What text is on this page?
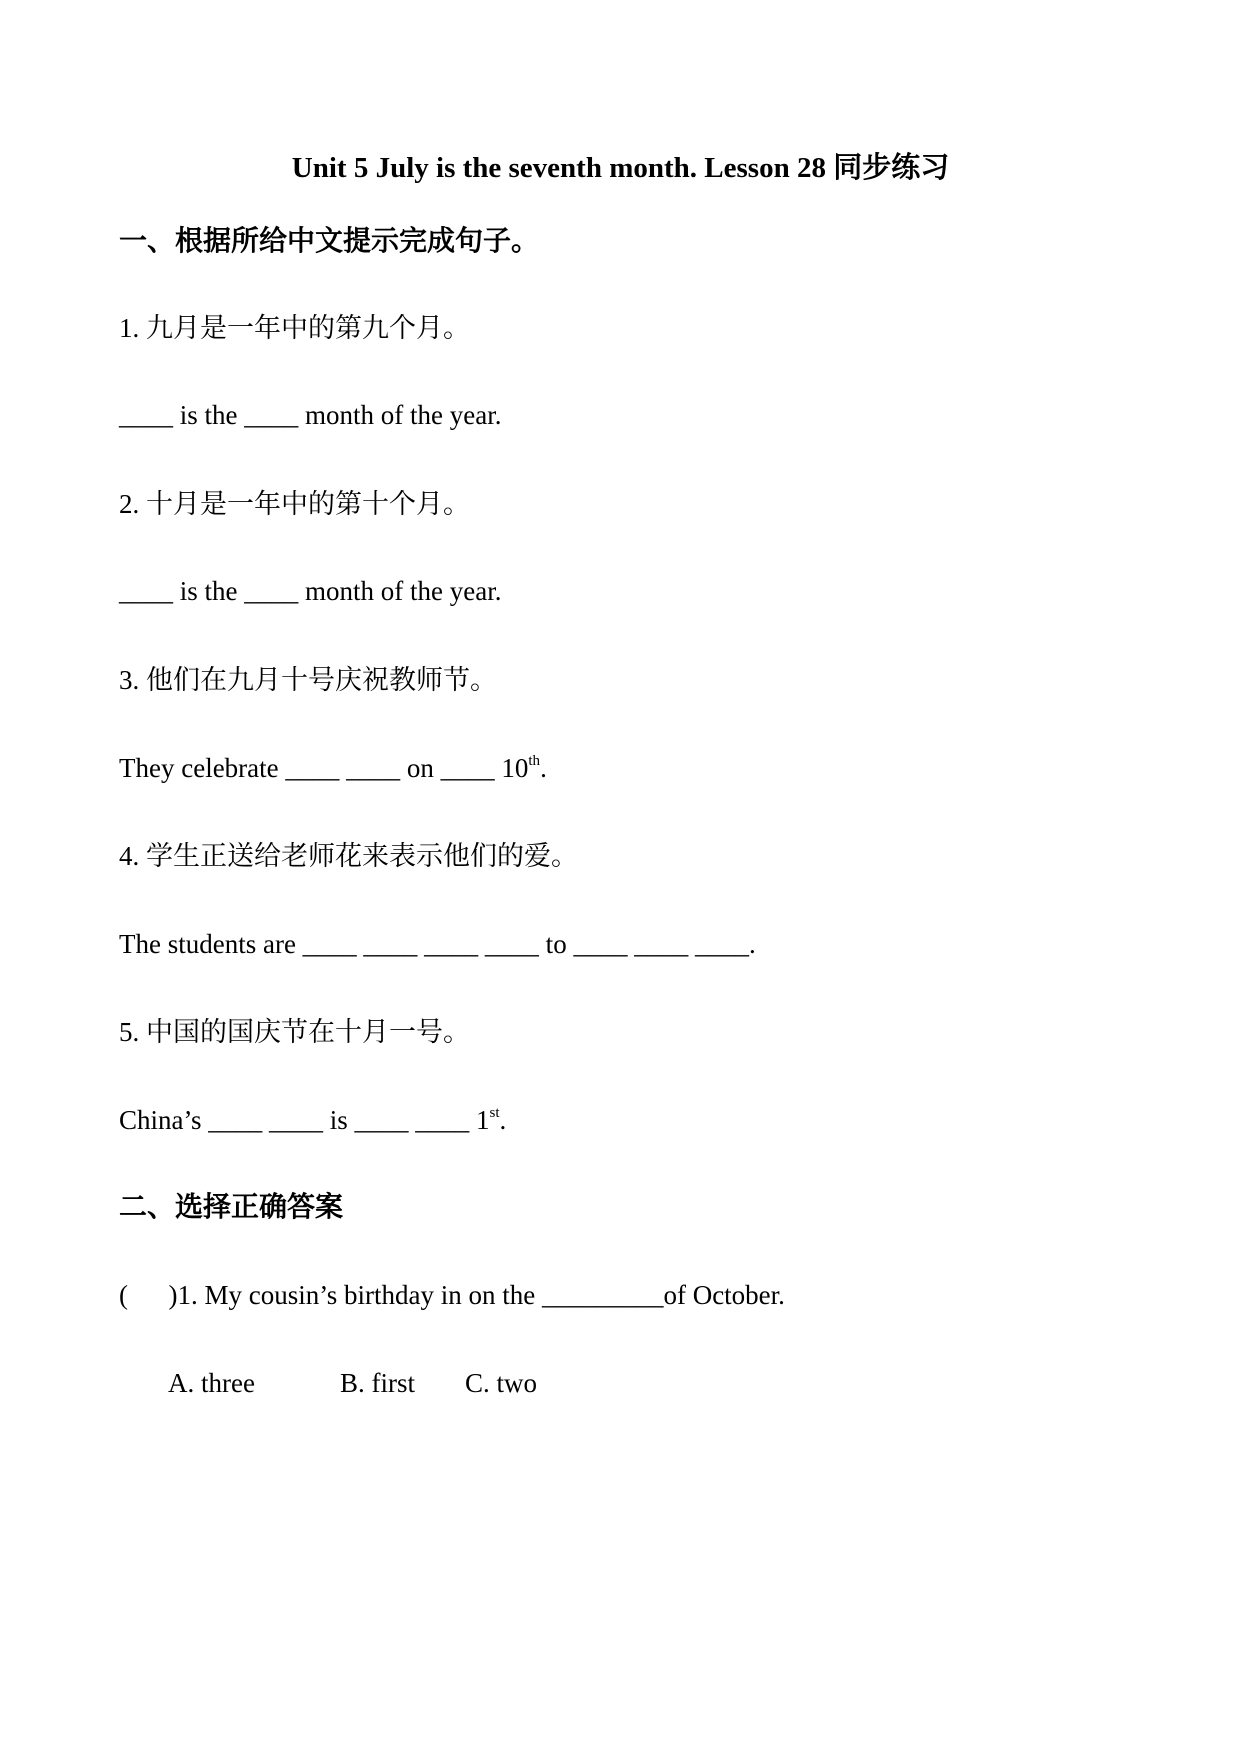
Unit 5 July is the seventh month. Lesson 28 同步练习
一、根据所给中文提示完成句子。
1. 九月是一年中的第九个月。
____ is the ____ month of the year.
2. 十月是一年中的第十个月。
____ is the ____ month of the year.
3. 他们在九月十号庆祝教师节。
They celebrate ____ ____ on ____ 10th.
4. 学生正送给老师花来表示他们的爱。
The students are ____ ____ ____ ____ to ____ ____ ____.
5. 中国的国庆节在十月一号。
China’s ____ ____ is ____ ____ 1st.
二、选择正确答案
(      )1. My cousin’s birthday in on the _________of October.
A. three	B. first C. two
